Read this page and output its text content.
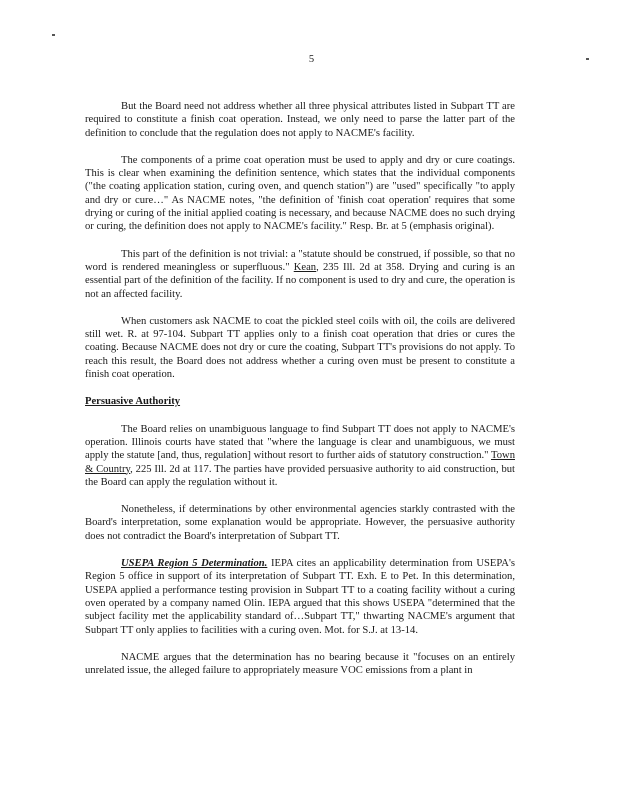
5

But the Board need not address whether all three physical attributes listed in Subpart TT are required to constitute a finish coat operation. Instead, we only need to parse the latter part of the definition to conclude that the regulation does not apply to NACME's facility.

The components of a prime coat operation must be used to apply and dry or cure coatings. This is clear when examining the definition sentence, which states that the individual components ("the coating application station, curing oven, and quench station") are "used" specifically "to apply and dry or cure…" As NACME notes, "the definition of 'finish coat operation' requires that some drying or curing of the initial applied coating is necessary, and because NACME does no such drying or curing, the definition does not apply to NACME's facility." Resp. Br. at 5 (emphasis original).

This part of the definition is not trivial: a "statute should be construed, if possible, so that no word is rendered meaningless or superfluous." Kean, 235 Ill. 2d at 358. Drying and curing is an essential part of the definition of the facility. If no component is used to dry and cure, the operation is not an affected facility.

When customers ask NACME to coat the pickled steel coils with oil, the coils are delivered still wet. R. at 97-104. Subpart TT applies only to a finish coat operation that dries or cures the coating. Because NACME does not dry or cure the coating, Subpart TT's provisions do not apply. To reach this result, the Board does not address whether a curing oven must be present to constitute a finish coat operation.

Persuasive Authority

The Board relies on unambiguous language to find Subpart TT does not apply to NACME's operation. Illinois courts have stated that "where the language is clear and unambiguous, we must apply the statute [and, thus, regulation] without resort to further aids of statutory construction." Town & Country, 225 Ill. 2d at 117. The parties have provided persuasive authority to aid construction, but the Board can apply the regulation without it.

Nonetheless, if determinations by other environmental agencies starkly contrasted with the Board's interpretation, some explanation would be appropriate. However, the persuasive authority does not contradict the Board's interpretation of Subpart TT.

USEPA Region 5 Determination. IEPA cites an applicability determination from USEPA's Region 5 office in support of its interpretation of Subpart TT. Exh. E to Pet. In this determination, USEPA applied a performance testing provision in Subpart TT to a coating facility without a curing oven operated by a company named Olin. IEPA argued that this shows USEPA "determined that the subject facility met the applicability standard of…Subpart TT," thwarting NACME's argument that Subpart TT only applies to facilities with a curing oven. Mot. for S.J. at 13-14.

NACME argues that the determination has no bearing because it "focuses on an entirely unrelated issue, the alleged failure to appropriately measure VOC emissions from a plant in
